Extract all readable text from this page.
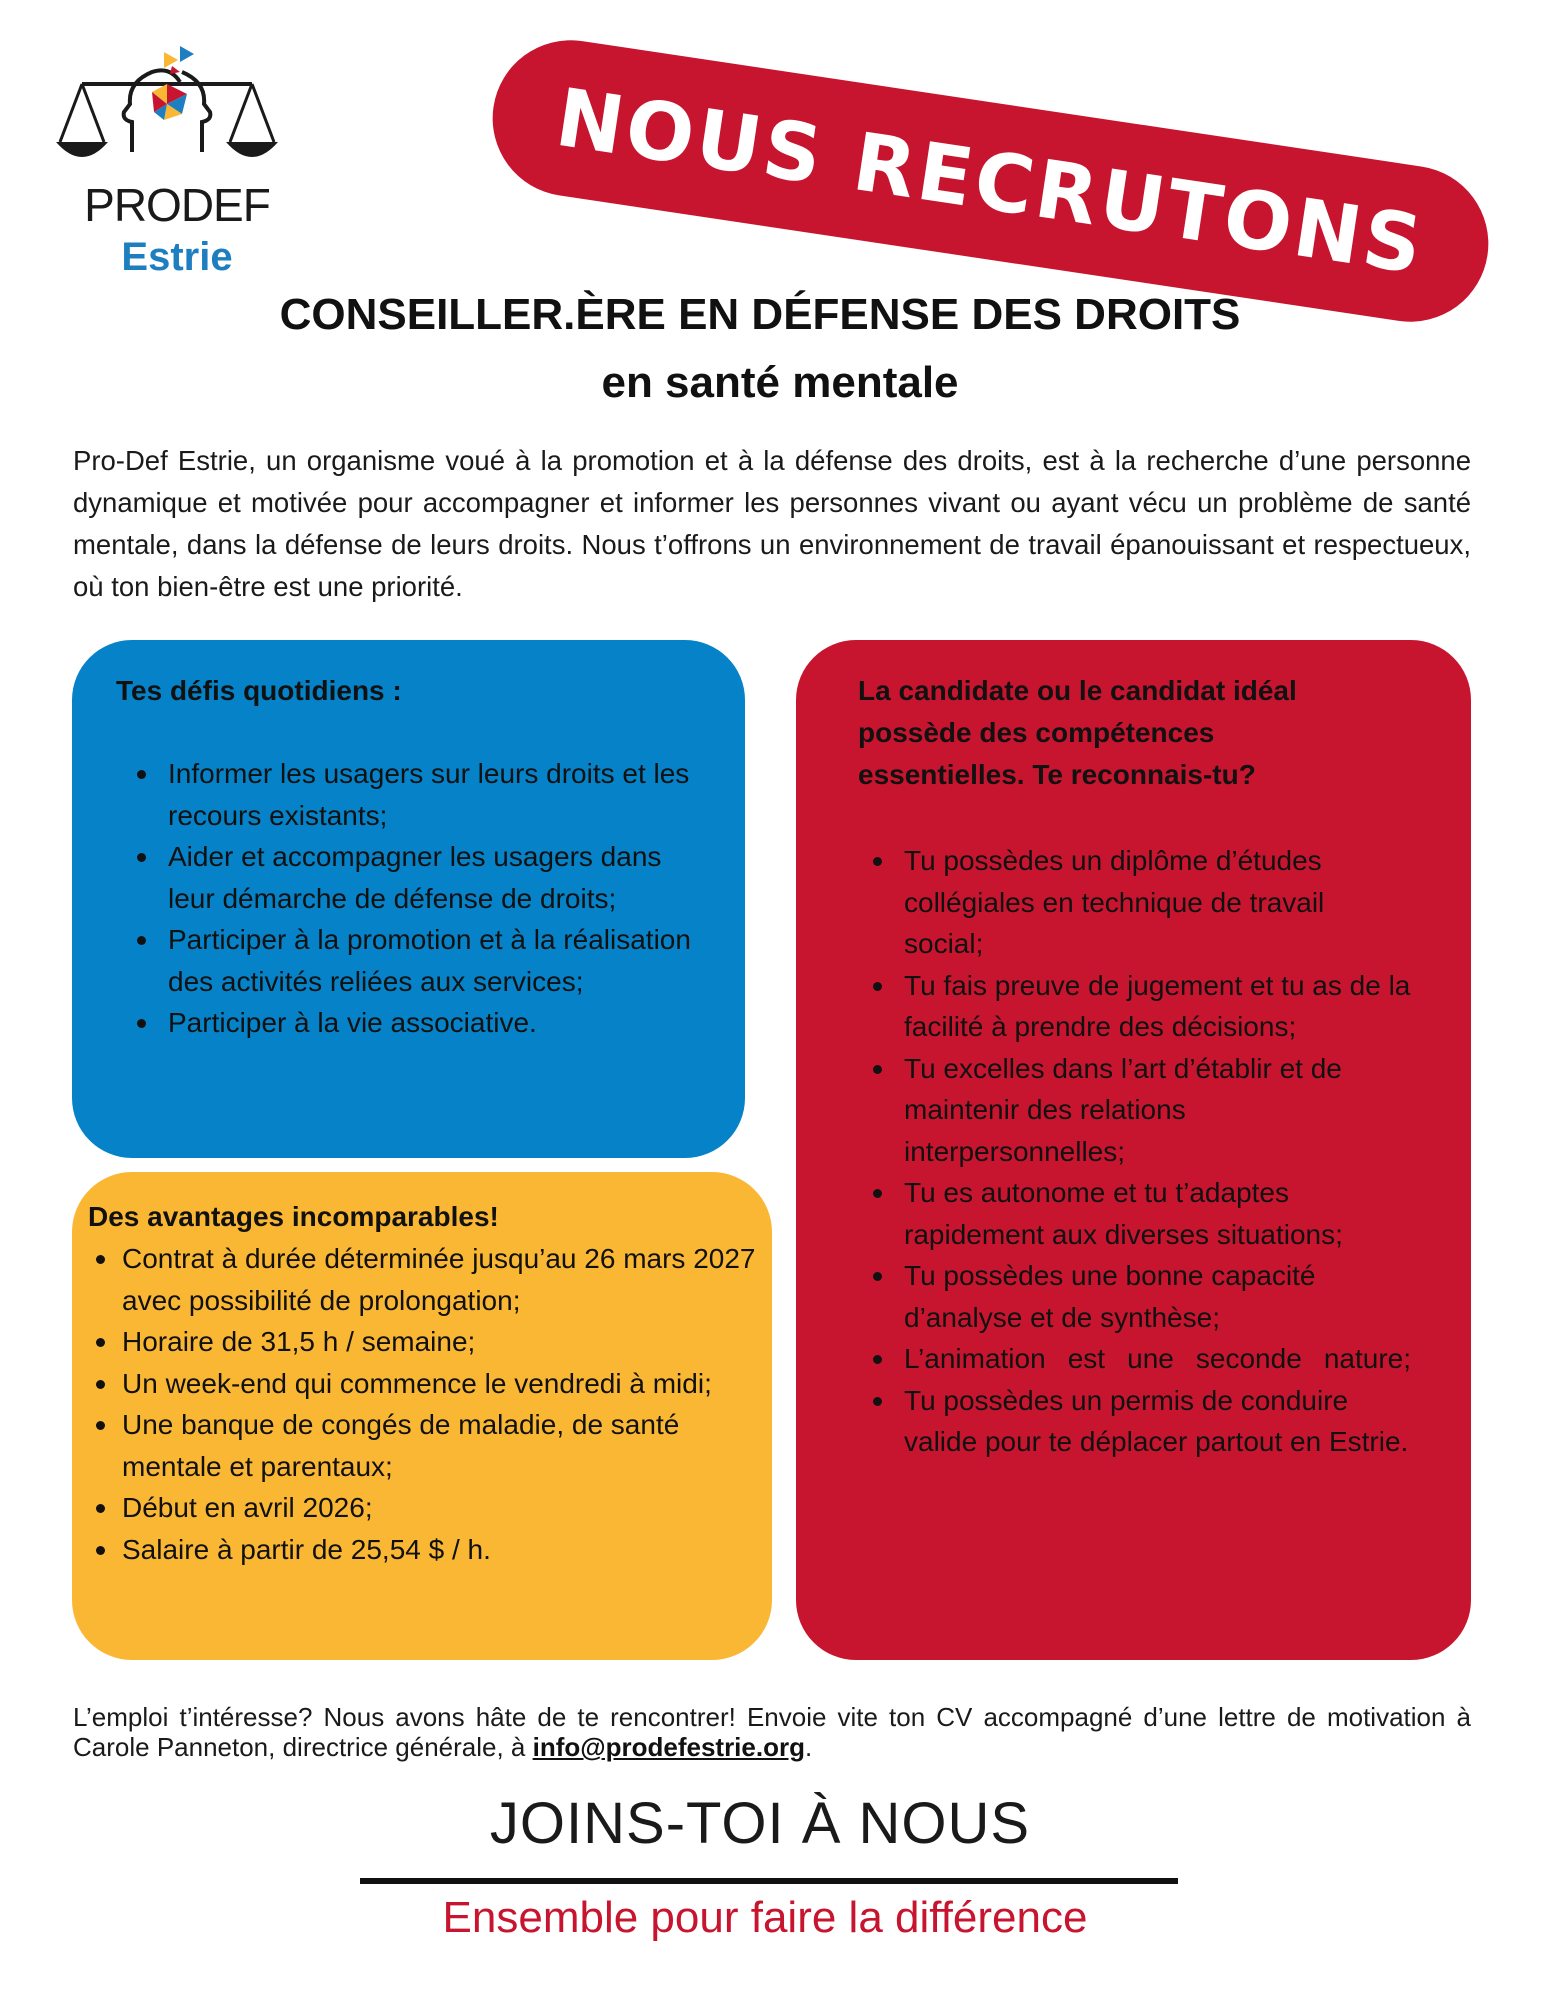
PRODEF
Estrie	NOUS RECRUTONS
CONSEILLER.ÈRE EN DÉFENSE DES DROITS
en santé mentale
Pro-Def Estrie, un organisme voué à la promotion et à la défense des droits, est à la recherche d’une personne dynamique et motivée pour accompagner et informer les personnes vivant ou ayant vécu un problème de santé mentale, dans la défense de leurs droits. Nous t’offrons un environnement de travail épanouissant et respectueux, où ton bien-être est une priorité.
Tes défis quotidiens :
Informer les usagers sur leurs droits et les recours existants;
Aider et accompagner les usagers dans leur démarche de défense de droits;
Participer à la promotion et à la réalisation des activités reliées aux services;
Participer à la vie associative.
Des avantages incomparables!
Contrat à durée déterminée jusqu’au 26 mars 2027 avec possibilité de prolongation;
Horaire de 31,5 h / semaine;
Un week-end qui commence le vendredi à midi;
Une banque de congés de maladie, de santé mentale et parentaux;
Début en avril 2026;
Salaire à partir de 25,54 $ / h.
La candidate ou le candidat idéal possède des compétences essentielles. Te reconnais-tu?
Tu possèdes un diplôme d’études collégiales en technique de travail social;
Tu fais preuve de jugement et tu as de la facilité à prendre des décisions;
Tu excelles dans l’art d’établir et de maintenir des relations interpersonnelles;
Tu es autonome et tu t’adaptes rapidement aux diverses situations;
Tu possèdes une bonne capacité d’analyse et de synthèse;
L’animation est une seconde nature;
Tu possèdes un permis de conduire valide pour te déplacer partout en Estrie.
L’emploi t’intéresse? Nous avons hâte de te rencontrer! Envoie vite ton CV accompagné d’une lettre de motivation à Carole Panneton, directrice générale, à info@prodefestrie.org.
JOINS-TOI À NOUS
Ensemble pour faire la différence
